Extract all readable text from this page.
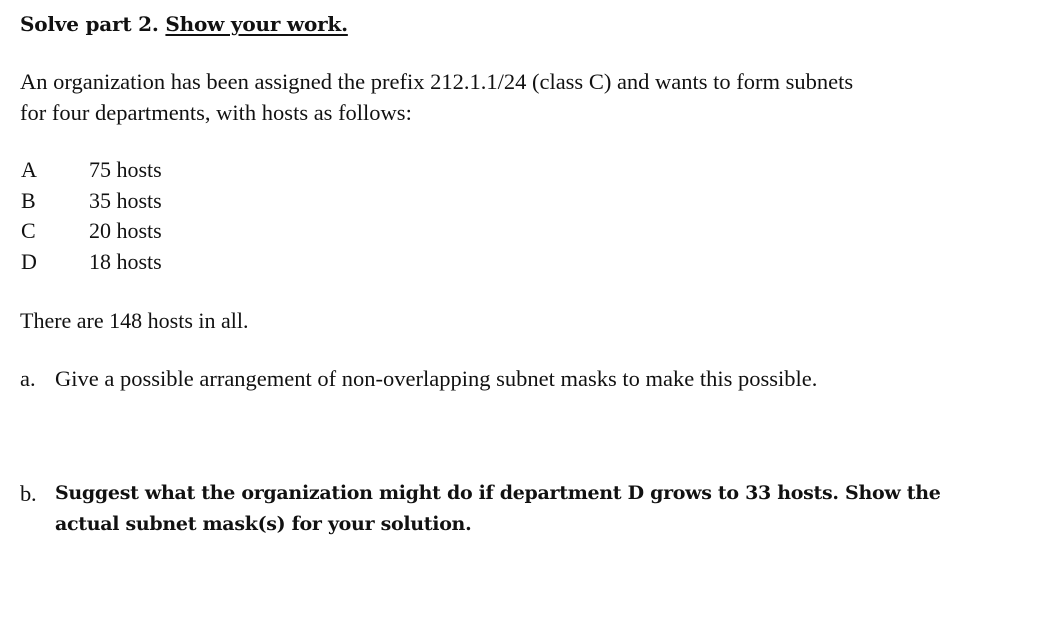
Solve part 2. Show your work.
An organization has been assigned the prefix 212.1.1/24 (class C) and wants to form subnets
for four departments, with hosts as follows:
A 75 hosts
B 35 hosts
C 20 hosts
D 18 hosts
There are 148 hosts in all.
a. Give a possible arrangement of non-overlapping subnet masks to make this possible.
b. Suggest what the organization might do if department D grows to 33 hosts. Show the
actual subnet mask(s) for your solution.
